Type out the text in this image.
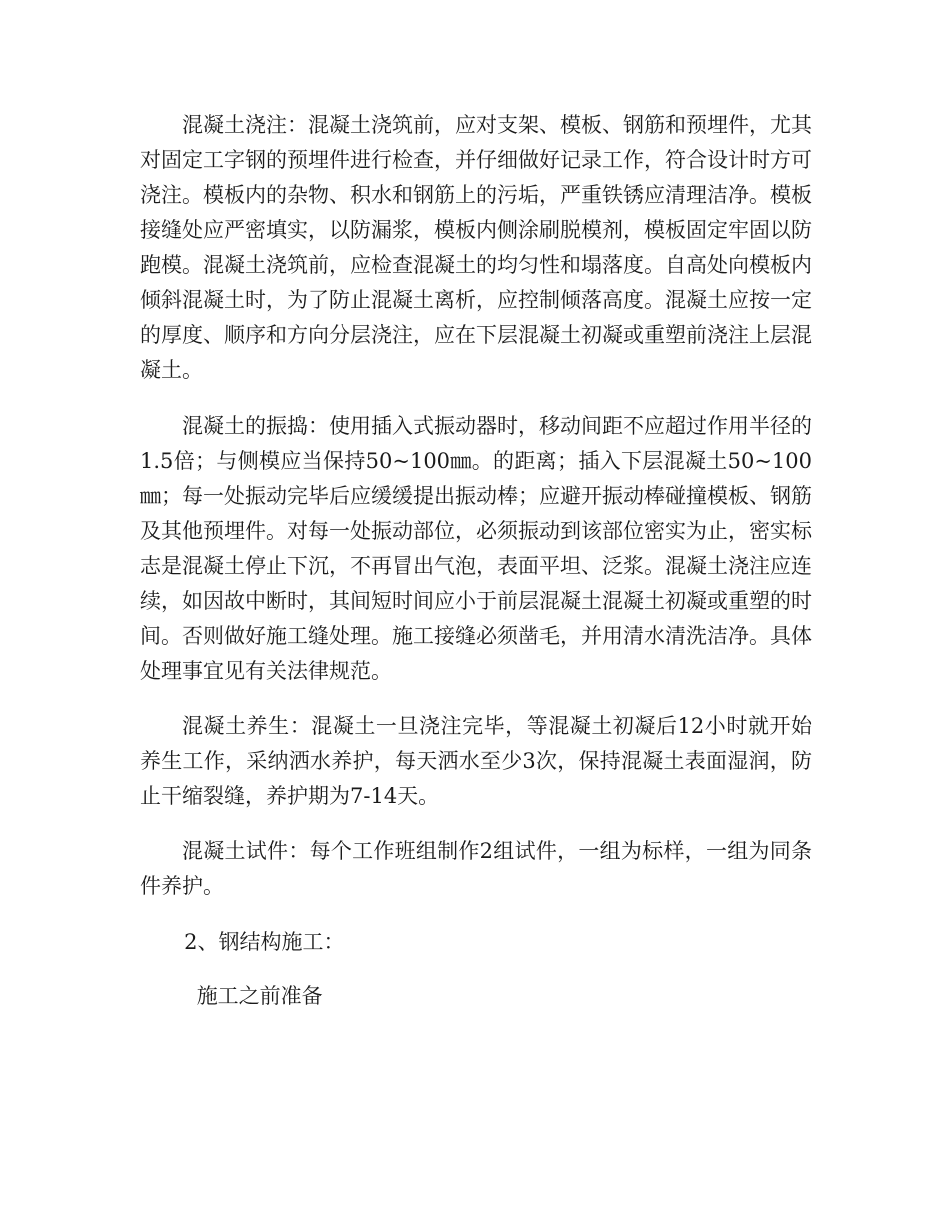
混凝土浇注：混凝土浇筑前，应对支架、模板、钢筋和预埋件，尤其对固定工字钢的预埋件进行检查，并仔细做好记录工作，符合设计时方可浇注。模板内的杂物、积水和钢筋上的污垢，严重铁锈应清理洁净。模板接缝处应严密填实，以防漏浆，模板内侧涂刷脱模剂，模板固定牢固以防跑模。混凝土浇筑前，应检查混凝土的均匀性和塌落度。自高处向模板内倾斜混凝土时，为了防止混凝土离析，应控制倾落高度。混凝土应按一定的厚度、顺序和方向分层浇注，应在下层混凝土初凝或重塑前浇注上层混凝土。

混凝土的振捣：使用插入式振动器时，移动间距不应超过作用半径的1.5倍；与侧模应当保持50~100㎜。的距离；插入下层混凝土50~100㎜；每一处振动完毕后应缓缓提出振动棒；应避开振动棒碰撞模板、钢筋及其他预埋件。对每一处振动部位，必须振动到该部位密实为止，密实标志是混凝土停止下沉，不再冒出气泡，表面平坦、泛浆。混凝土浇注应连续，如因故中断时，其间短时间应小于前层混凝土混凝土初凝或重塑的时间。否则做好施工缝处理。施工接缝必须凿毛，并用清水清洗洁净。具体处理事宜见有关法律规范。

混凝土养生：混凝土一旦浇注完毕，等混凝土初凝后12小时就开始养生工作，采纳洒水养护，每天洒水至少3次，保持混凝土表面湿润，防止干缩裂缝，养护期为7-14天。

混凝土试件：每个工作班组制作2组试件，一组为标样，一组为同条件养护。

2、钢结构施工：

施工之前准备
